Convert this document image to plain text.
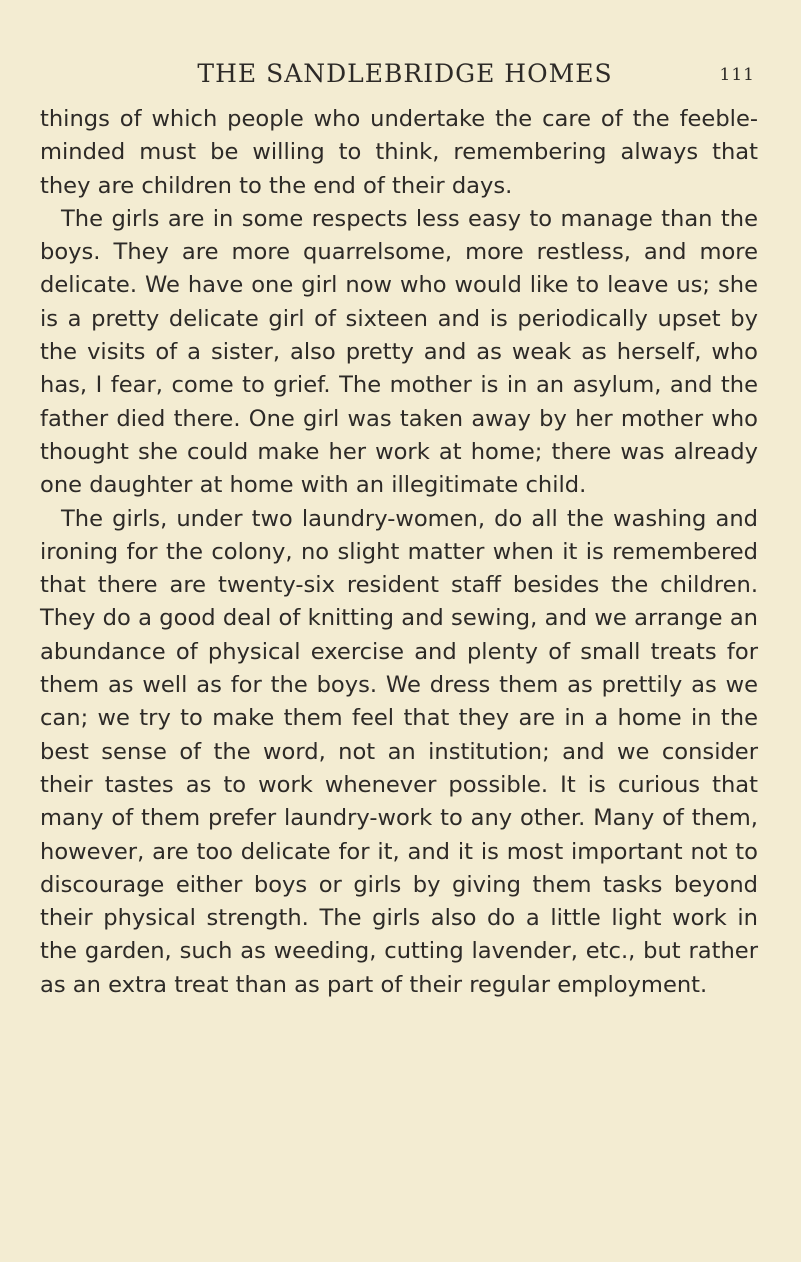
THE SANDLEBRIDGE HOMES	111

things of which people who undertake the care of the feeble-minded must be willing to think, remembering always that they are children to the end of their days.

The girls are in some respects less easy to manage than the boys. They are more quarrelsome, more restless, and more delicate. We have one girl now who would like to leave us; she is a pretty delicate girl of sixteen and is periodically upset by the visits of a sister, also pretty and as weak as herself, who has, I fear, come to grief. The mother is in an asylum, and the father died there. One girl was taken away by her mother who thought she could make her work at home; there was already one daughter at home with an illegitimate child.

The girls, under two laundry-women, do all the washing and ironing for the colony, no slight matter when it is remembered that there are twenty-six resident staff besides the children. They do a good deal of knitting and sewing, and we arrange an abundance of physical exercise and plenty of small treats for them as well as for the boys. We dress them as prettily as we can; we try to make them feel that they are in a home in the best sense of the word, not an institution; and we consider their tastes as to work whenever possible. It is curious that many of them prefer laundry-work to any other. Many of them, however, are too delicate for it, and it is most important not to discourage either boys or girls by giving them tasks beyond their physical strength. The girls also do a little light work in the garden, such as weeding, cutting lavender, etc., but rather as an extra treat than as part of their regular employment.
